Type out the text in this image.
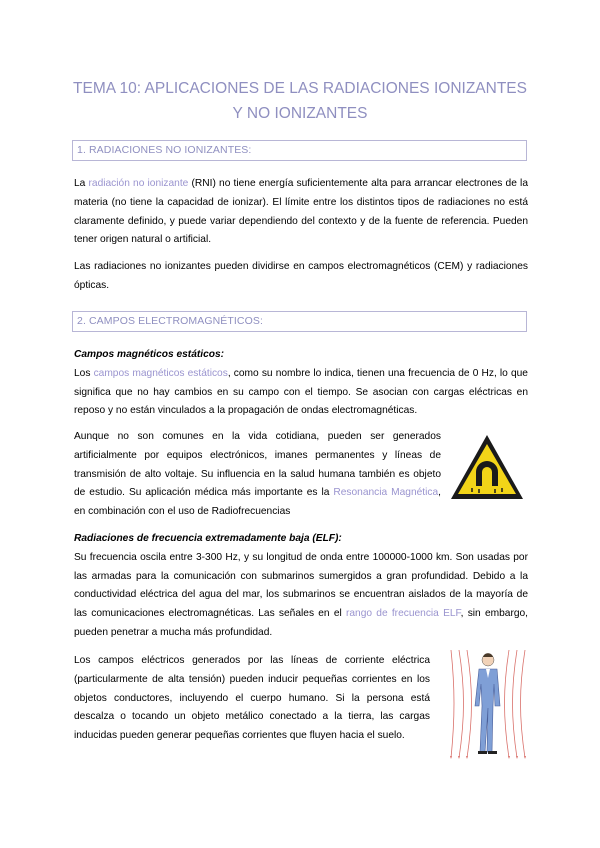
TEMA 10: APLICACIONES DE LAS RADIACIONES IONIZANTES
Y NO IONIZANTES
1. RADIACIONES NO IONIZANTES:
La radiación no ionizante (RNI) no tiene energía suficientemente alta para arrancar electrones de la materia (no tiene la capacidad de ionizar). El límite entre los distintos tipos de radiaciones no está claramente definido, y puede variar dependiendo del contexto y de la fuente de referencia. Pueden tener origen natural o artificial.
Las radiaciones no ionizantes pueden dividirse en campos electromagnéticos (CEM) y radiaciones ópticas.
2. CAMPOS ELECTROMAGNÉTICOS:
Campos magnéticos estáticos:
Los campos magnéticos estáticos, como su nombre lo indica, tienen una frecuencia de 0 Hz, lo que significa que no hay cambios en su campo con el tiempo. Se asocian con cargas eléctricas en reposo y no están vinculados a la propagación de ondas electromagnéticas.
Aunque no son comunes en la vida cotidiana, pueden ser generados artificialmente por equipos electrónicos, imanes permanentes y líneas de transmisión de alto voltaje. Su influencia en la salud humana también es objeto de estudio. Su aplicación médica más importante es la Resonancia Magnética, en combinación con el uso de Radiofrecuencias
Radiaciones de frecuencia extremadamente baja (ELF):
Su frecuencia oscila entre 3-300 Hz, y su longitud de onda entre 100000-1000 km. Son usadas por las armadas para la comunicación con submarinos sumergidos a gran profundidad. Debido a la conductividad eléctrica del agua del mar, los submarinos se encuentran aislados de la mayoría de las comunicaciones electromagnéticas. Las señales en el rango de frecuencia ELF, sin embargo, pueden penetrar a mucha más profundidad.
Los campos eléctricos generados por las líneas de corriente eléctrica (particularmente de alta tensión) pueden inducir pequeñas corrientes en los objetos conductores, incluyendo el cuerpo humano. Si la persona está descalza o tocando un objeto metálico conectado a la tierra, las cargas inducidas pueden generar pequeñas corrientes que fluyen hacia el suelo.
